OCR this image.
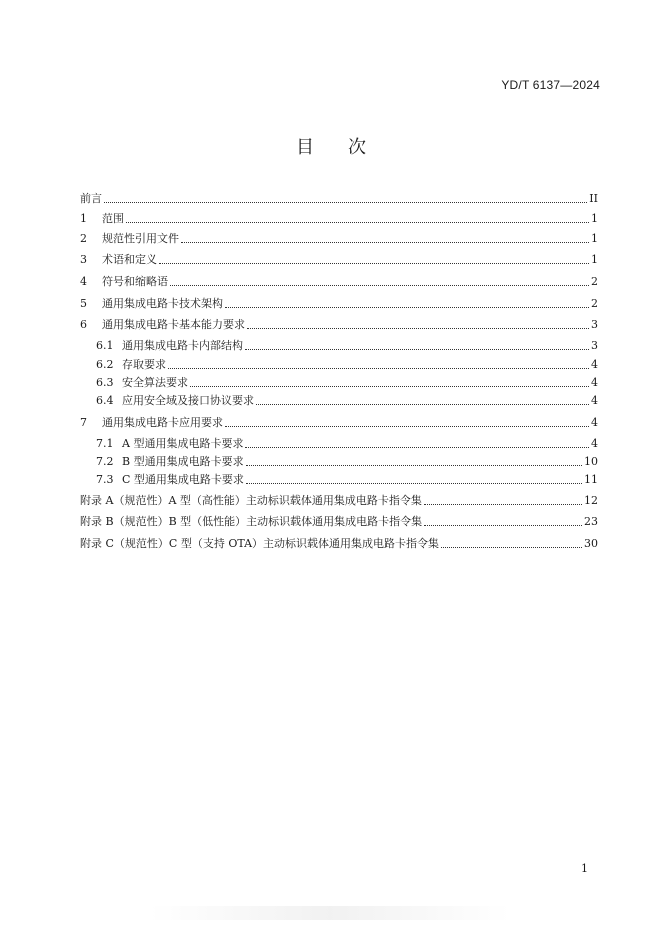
YD/T 6137—2024
目 次
前言	II
1	范围	1
2	规范性引用文件	1
3	术语和定义	1
4	符号和缩略语	2
5	通用集成电路卡技术架构	2
6	通用集成电路卡基本能力要求	3
6.1 通用集成电路卡内部结构	3
6.2 存取要求	4
6.3 安全算法要求	4
6.4 应用安全域及接口协议要求	4
7	通用集成电路卡应用要求	4
7.1 A 型通用集成电路卡要求	4
7.2 B 型通用集成电路卡要求	10
7.3 C 型通用集成电路卡要求	11
附录 A（规范性）A 型（高性能）主动标识载体通用集成电路卡指令集	12
附录 B（规范性）B 型（低性能）主动标识载体通用集成电路卡指令集	23
附录 C（规范性）C 型（支持 OTA）主动标识载体通用集成电路卡指令集	30
1
